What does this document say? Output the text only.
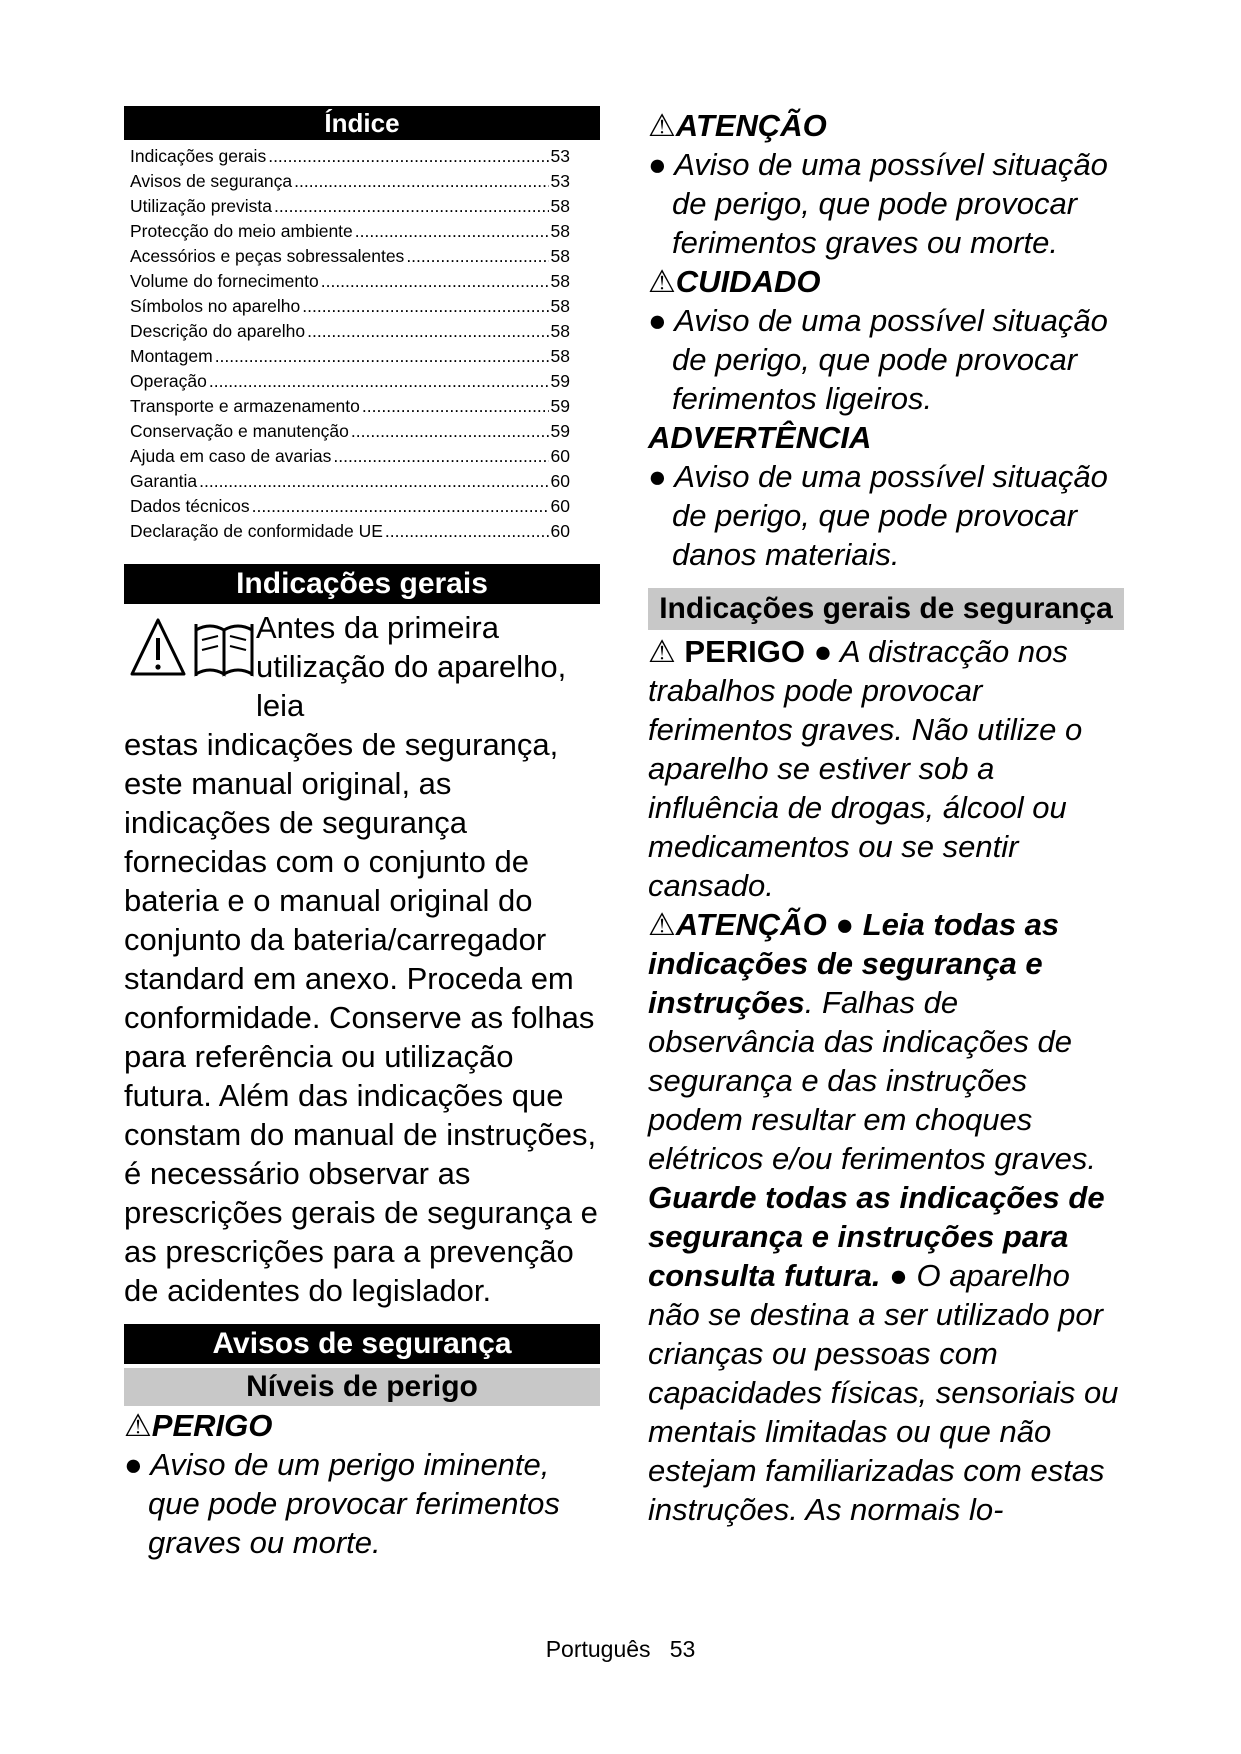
Índice
Indicações gerais .....	53
Avisos de segurança .....	53
Utilização prevista .....	58
Protecção do meio ambiente .....	58
Acessórios e peças sobressalentes .....	58
Volume do fornecimento .....	58
Símbolos no aparelho .....	58
Descrição do aparelho .....	58
Montagem .....	58
Operação .....	59
Transporte e armazenamento .....	59
Conservação e manutenção .....	59
Ajuda em caso de avarias .....	60
Garantia .....	60
Dados técnicos .....	60
Declaração de conformidade UE .....	60
Indicações gerais
Antes da primeira utilização do aparelho, leia
estas indicações de segurança, este manual original, as indicações de segurança fornecidas com o conjunto de bateria e o manual original do conjunto da bateria/carregador standard em anexo. Proceda em conformidade. Conserve as folhas para referência ou utilização futura. Além das indicações que constam do manual de instruções, é necessário observar as prescrições gerais de segurança e as prescrições para a prevenção de acidentes do legislador.
Avisos de segurança
Níveis de perigo
⚠PERIGO
● Aviso de um perigo iminente, que pode provocar ferimentos graves ou morte.
⚠ATENÇÃO
● Aviso de uma possível situação de perigo, que pode provocar ferimentos graves ou morte.
⚠CUIDADO
● Aviso de uma possível situação de perigo, que pode provocar ferimentos ligeiros.
ADVERTÊNCIA
● Aviso de uma possível situação de perigo, que pode provocar danos materiais.
Indicações gerais de segurança
⚠ PERIGO ● A distracção nos trabalhos pode provocar ferimentos graves. Não utilize o aparelho se estiver sob a influência de drogas, álcool ou medicamentos ou se sentir cansado.
⚠ATENÇÃO ● Leia todas as indicações de segurança e instruções. Falhas de observância das indicações de segurança e das instruções podem resultar em choques elétricos e/ou ferimentos graves. Guarde todas as indicações de segurança e instruções para consulta futura. ● O aparelho não se destina a ser utilizado por crianças ou pessoas com capacidades físicas, sensoriais ou mentais limitadas ou que não estejam familiarizadas com estas instruções. As normais lo-
Português 53
